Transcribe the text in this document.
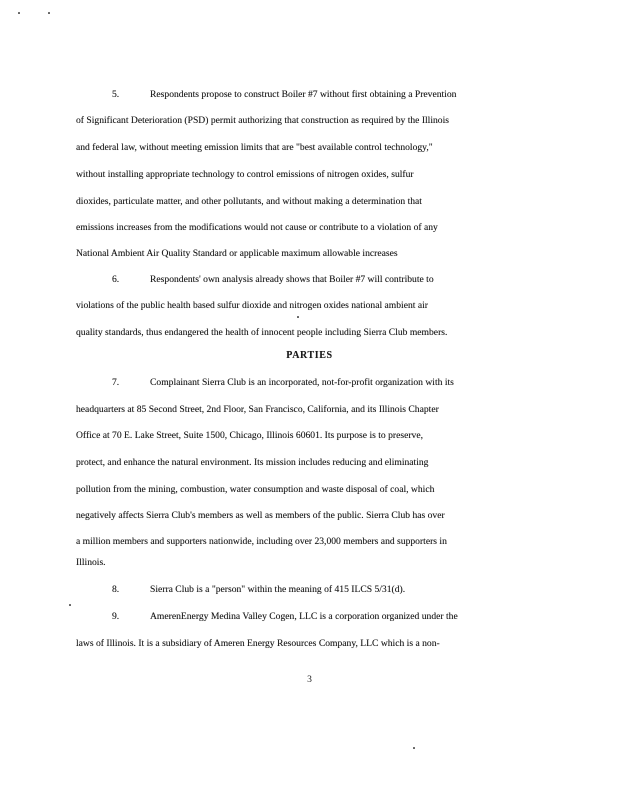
5.	Respondents propose to construct Boiler #7 without first obtaining a Prevention
of Significant Deterioration (PSD) permit authorizing that construction as required by the Illinois
and federal law, without meeting emission limits that are "best available control technology,"
without installing appropriate technology to control emissions of nitrogen oxides, sulfur
dioxides, particulate matter, and other pollutants, and without making a determination that
emissions increases from the modifications would not cause or contribute to a violation of any
National Ambient Air Quality Standard or applicable maximum allowable increases
6.	Respondents' own analysis already shows that Boiler #7 will contribute to
violations of the public health based sulfur dioxide and nitrogen oxides national ambient air
quality standards, thus endangered the health of innocent people including Sierra Club members.
PARTIES
7.	Complainant Sierra Club is an incorporated, not-for-profit organization with its
headquarters at 85 Second Street, 2nd Floor, San Francisco, California, and its Illinois Chapter
Office at 70 E. Lake Street, Suite 1500, Chicago, Illinois 60601. Its purpose is to preserve,
protect, and enhance the natural environment. Its mission includes reducing and eliminating
pollution from the mining, combustion, water consumption and waste disposal of coal, which
negatively affects Sierra Club's members as well as members of the public. Sierra Club has over
a million members and supporters nationwide, including over 23,000 members and supporters in
Illinois.
8.	Sierra Club is a "person" within the meaning of 415 ILCS 5/31(d).
9.	AmerenEnergy Medina Valley Cogen, LLC is a corporation organized under the
laws of Illinois. It is a subsidiary of Ameren Energy Resources Company, LLC which is a non-
3
